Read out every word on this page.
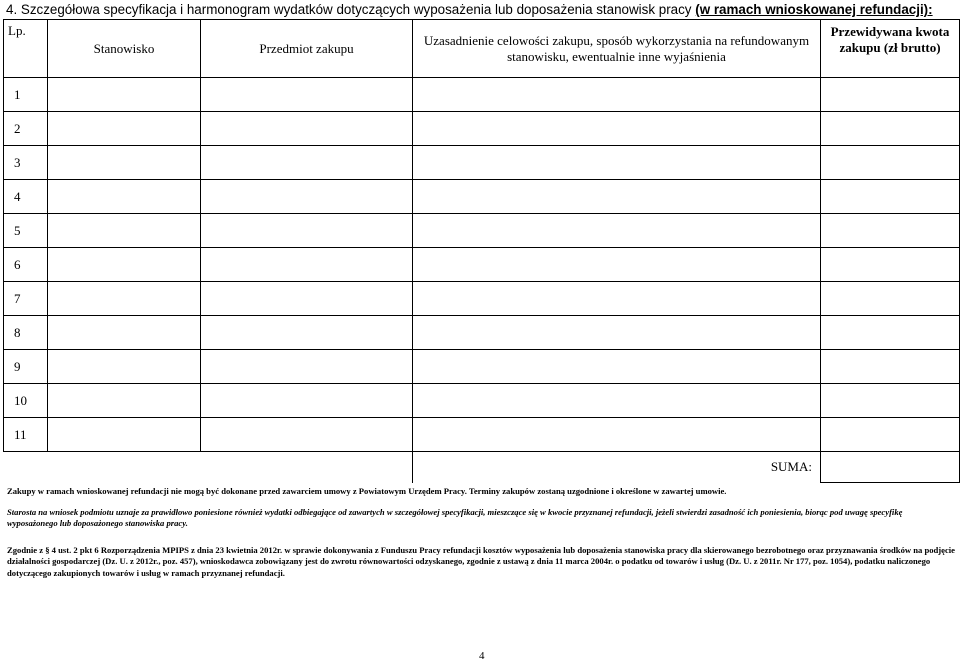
4. Szczegółowa specyfikacja i harmonogram wydatków dotyczących wyposażenia lub doposażenia stanowisk pracy (w ramach wnioskowanej refundacji):
Lp.	Stanowisko	Przedmiot zakupu	Uzasadnienie celowości zakupu, sposób wykorzystania na refundowanym stanowisku, ewentualnie inne wyjaśnienia	Przewidywana kwota zakupu (zł brutto)
1				
2				
3				
4				
5				
6				
7				
8				
9				
10				
11				
			SUMA:	
Zakupy w ramach wnioskowanej refundacji nie mogą być dokonane przed zawarciem umowy z Powiatowym Urzędem Pracy. Terminy zakupów zostaną uzgodnione i określone w zawartej umowie.
Starosta na wniosek podmiotu uznaje za prawidłowo poniesione również wydatki odbiegające od zawartych w szczegółowej specyfikacji, mieszczące się w kwocie przyznanej refundacji, jeżeli stwierdzi zasadność ich poniesienia, biorąc pod uwagę specyfikę wyposażonego lub doposażonego stanowiska pracy.
Zgodnie z § 4 ust. 2 pkt 6 Rozporządzenia MPIPS z dnia 23 kwietnia 2012r. w sprawie dokonywania z Funduszu Pracy refundacji kosztów wyposażenia lub doposażenia stanowiska pracy dla skierowanego bezrobotnego oraz przyznawania środków na podjęcie działalności gospodarczej (Dz. U. z 2012r., poz. 457), wnioskodawca zobowiązany jest do zwrotu równowartości odzyskanego, zgodnie z ustawą z dnia 11 marca 2004r. o podatku od towarów i usług (Dz. U. z 2011r. Nr 177, poz. 1054), podatku naliczonego dotyczącego zakupionych towarów i usług w ramach przyznanej refundacji.
4
